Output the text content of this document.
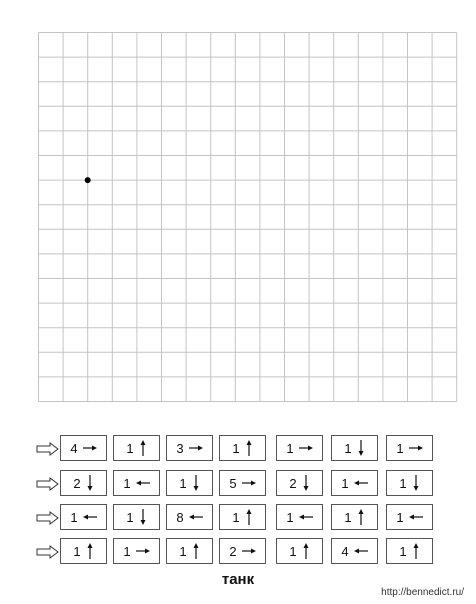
4	1	3	1	1	1	1
2	1	1	5	2	1	1
1	1	8	1	1	1	1
1	1	1	2	1	4	1
танк
http://bennedict.ru/
